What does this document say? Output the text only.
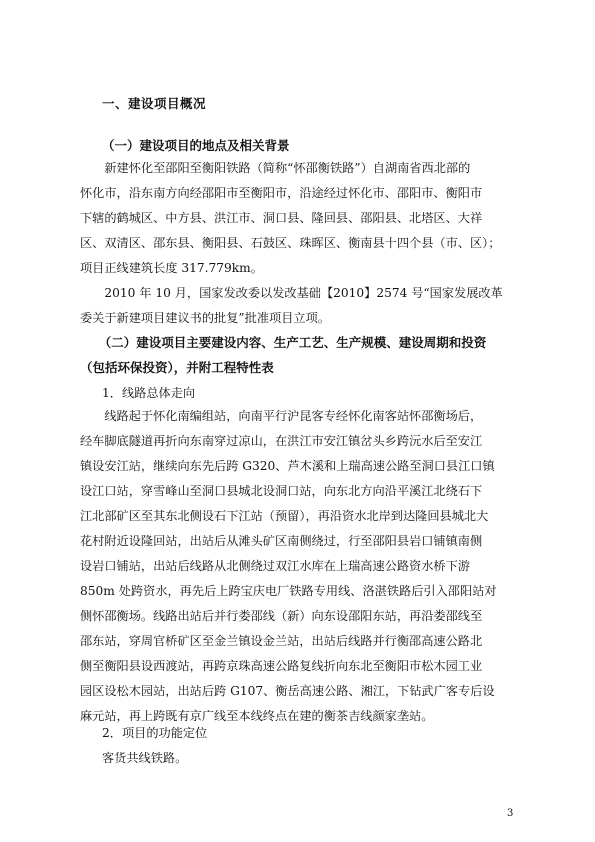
一、建设项目概况
（一）建设项目的地点及相关背景
　　新建怀化至邵阳至衡阳铁路（简称“怀邵衡铁路”）自湖南省西北部的
怀化市，沿东南方向经邵阳市至衡阳市，沿途经过怀化市、邵阳市、衡阳市
下辖的鹤城区、中方县、洪江市、洞口县、隆回县、邵阳县、北塔区、大祥
区、双清区、邵东县、衡阳县、石鼓区、珠晖区、衡南县十四个县（市、区）；
项目正线建筑长度 317.779km。
　　2010 年 10 月，国家发改委以发改基础【2010】2574 号“国家发展改革
委关于新建项目建议书的批复”批准项目立项。
　　（二）建设项目主要建设内容、生产工艺、生产规模、建设周期和投资
（包括环保投资），并附工程特性表
1．线路总体走向
　　线路起于怀化南编组站，向南平行沪昆客专经怀化南客站怀邵衡场后，
经车脚底隧道再折向东南穿过凉山，在洪江市安江镇岔头乡跨沅水后至安江
镇设安江站，继续向东先后跨 G320、芦木溪和上瑞高速公路至洞口县江口镇
设江口站，穿雪峰山至洞口县城北设洞口站，向东北方向沿平溪江北绕石下
江北部矿区至其东北侧设石下江站（预留），再沿资水北岸到达隆回县城北大
花村附近设隆回站，出站后从滩头矿区南侧绕过，行至邵阳县岩口铺镇南侧
设岩口铺站，出站后线路从北侧绕过双江水库在上瑞高速公路资水桥下游
850m 处跨资水，再先后上跨宝庆电厂铁路专用线、洛湛铁路后引入邵阳站对
侧怀邵衡场。线路出站后并行娄邵线（新）向东设邵阳东站，再沿娄邵线至
邵东站，穿周官桥矿区至金兰镇设金兰站，出站后线路并行衡邵高速公路北
侧至衡阳县设西渡站，再跨京珠高速公路复线折向东北至衡阳市松木园工业
园区设松木园站，出站后跨 G107、衡岳高速公路、湘江，下钻武广客专后设
麻元站，再上跨既有京广线至本线终点在建的衡茶吉线颜家垄站。
2．项目的功能定位
客货共线铁路。
3
